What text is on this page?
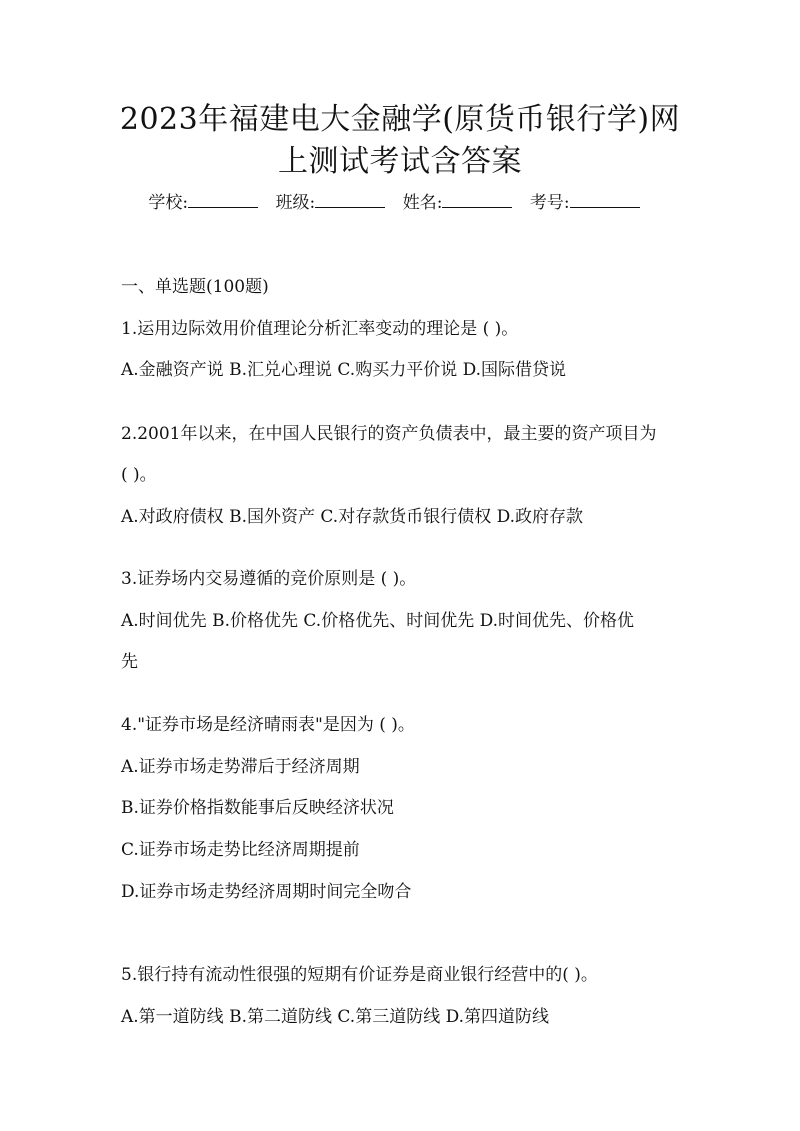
2023年福建电大金融学(原货币银行学)网
上测试考试含答案
学校:	班级:	姓名:	考号:
一、单选题(100题)
1.运用边际效用价值理论分析汇率变动的理论是 ( )。
A.金融资产说 B.汇兑心理说 C.购买力平价说 D.国际借贷说
2.2001年以来，在中国人民银行的资产负债表中，最主要的资产项目为
( )。
A.对政府债权 B.国外资产 C.对存款货币银行债权 D.政府存款
3.证券场内交易遵循的竞价原则是 ( )。
A.时间优先 B.价格优先 C.价格优先、时间优先 D.时间优先、价格优
先
4."证券市场是经济晴雨表"是因为 ( )。
A.证券市场走势滞后于经济周期
B.证券价格指数能事后反映经济状况
C.证券市场走势比经济周期提前
D.证券市场走势经济周期时间完全吻合
5.银行持有流动性很强的短期有价证券是商业银行经营中的( )。
A.第一道防线 B.第二道防线 C.第三道防线 D.第四道防线
